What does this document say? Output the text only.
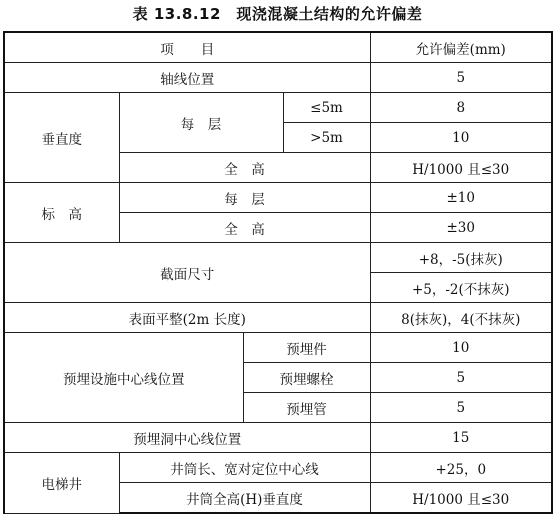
表 13.8.12　现浇混凝土结构的允许偏差
项　　目				允许偏差(mm)
轴线位置				5
垂直度	每　层		≤5m	8
			>5m	10
	全　高			H/1000 且≤30
标　高	每　层			±10
	全　高			±30
截面尺寸				+8，-5(抹灰)
				+5，-2(不抹灰)
表面平整(2m 长度)				8(抹灰)，4(不抹灰)
预埋设施中心线位置		预埋件		10
		预埋螺栓		5
		预埋管		5
预埋洞中心线位置				15
电梯井	井筒长、宽对定位中心线			+25，0
	井筒全高(H)垂直度			H/1000 且≤30
